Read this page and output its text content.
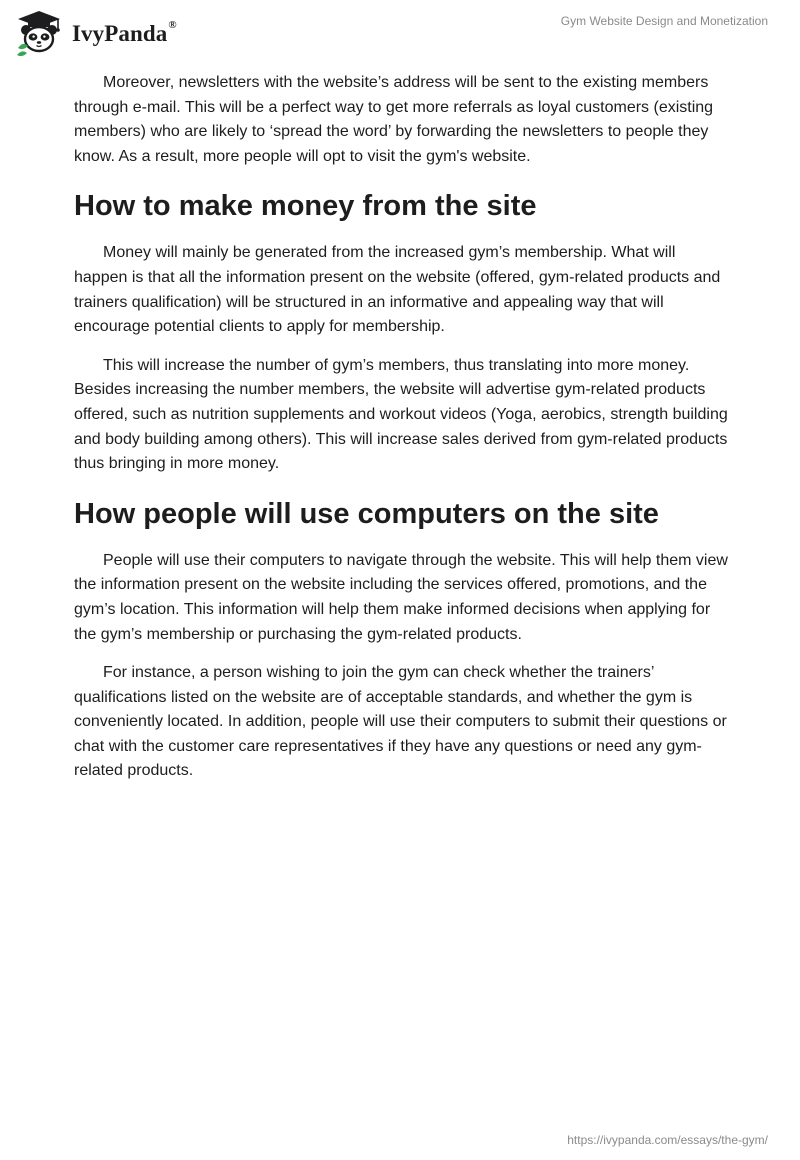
IvyPanda®	Gym Website Design and Monetization

Moreover, newsletters with the website’s address will be sent to the existing members through e-mail. This will be a perfect way to get more referrals as loyal customers (existing members) who are likely to ‘spread the word’ by forwarding the newsletters to people they know. As a result, more people will opt to visit the gym's website.

How to make money from the site

Money will mainly be generated from the increased gym’s membership. What will happen is that all the information present on the website (offered, gym-related products and trainers qualification) will be structured in an informative and appealing way that will encourage potential clients to apply for membership.

This will increase the number of gym’s members, thus translating into more money. Besides increasing the number members, the website will advertise gym-related products offered, such as nutrition supplements and workout videos (Yoga, aerobics, strength building and body building among others). This will increase sales derived from gym-related products thus bringing in more money.

How people will use computers on the site

People will use their computers to navigate through the website. This will help them view the information present on the website including the services offered, promotions, and the gym’s location. This information will help them make informed decisions when applying for the gym’s membership or purchasing the gym-related products.

For instance, a person wishing to join the gym can check whether the trainers’ qualifications listed on the website are of acceptable standards, and whether the gym is conveniently located. In addition, people will use their computers to submit their questions or chat with the customer care representatives if they have any questions or need any gym-related products.

https://ivypanda.com/essays/the-gym/
